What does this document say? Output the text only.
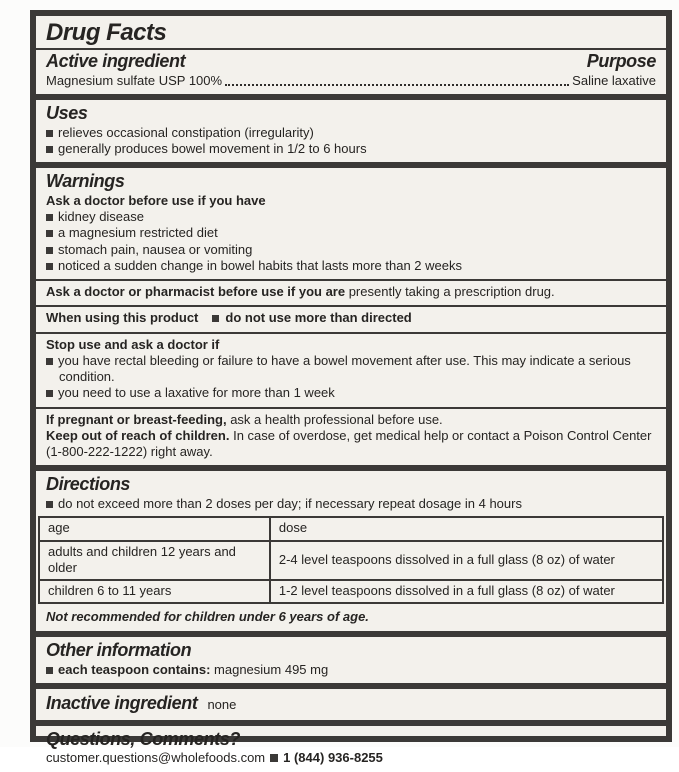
Drug Facts
Active ingredient	Purpose
Magnesium sulfate USP 100%	Saline laxative
Uses
relieves occasional constipation (irregularity)
generally produces bowel movement in 1/2 to 6 hours
Warnings
Ask a doctor before use if you have
kidney disease
a magnesium restricted diet
stomach pain, nausea or vomiting
noticed a sudden change in bowel habits that lasts more than 2 weeks
Ask a doctor or pharmacist before use if you are presently taking a prescription drug.
When using this product do not use more than directed
Stop use and ask a doctor if
you have rectal bleeding or failure to have a bowel movement after use. This may indicate a serious condition.
you need to use a laxative for more than 1 week
If pregnant or breast-feeding, ask a health professional before use.
Keep out of reach of children. In case of overdose, get medical help or contact a Poison Control Center (1-800-222-1222) right away.
Directions
do not exceed more than 2 doses per day; if necessary repeat dosage in 4 hours
age	dose
adults and children 12 years and older	2-4 level teaspoons dissolved in a full glass (8 oz) of water
children 6 to 11 years	1-2 level teaspoons dissolved in a full glass (8 oz) of water
Not recommended for children under 6 years of age.
Other information
each teaspoon contains: magnesium 495 mg
Inactive ingredient none
Questions, Comments?
customer.questions@wholefoods.com 1 (844) 936-8255
